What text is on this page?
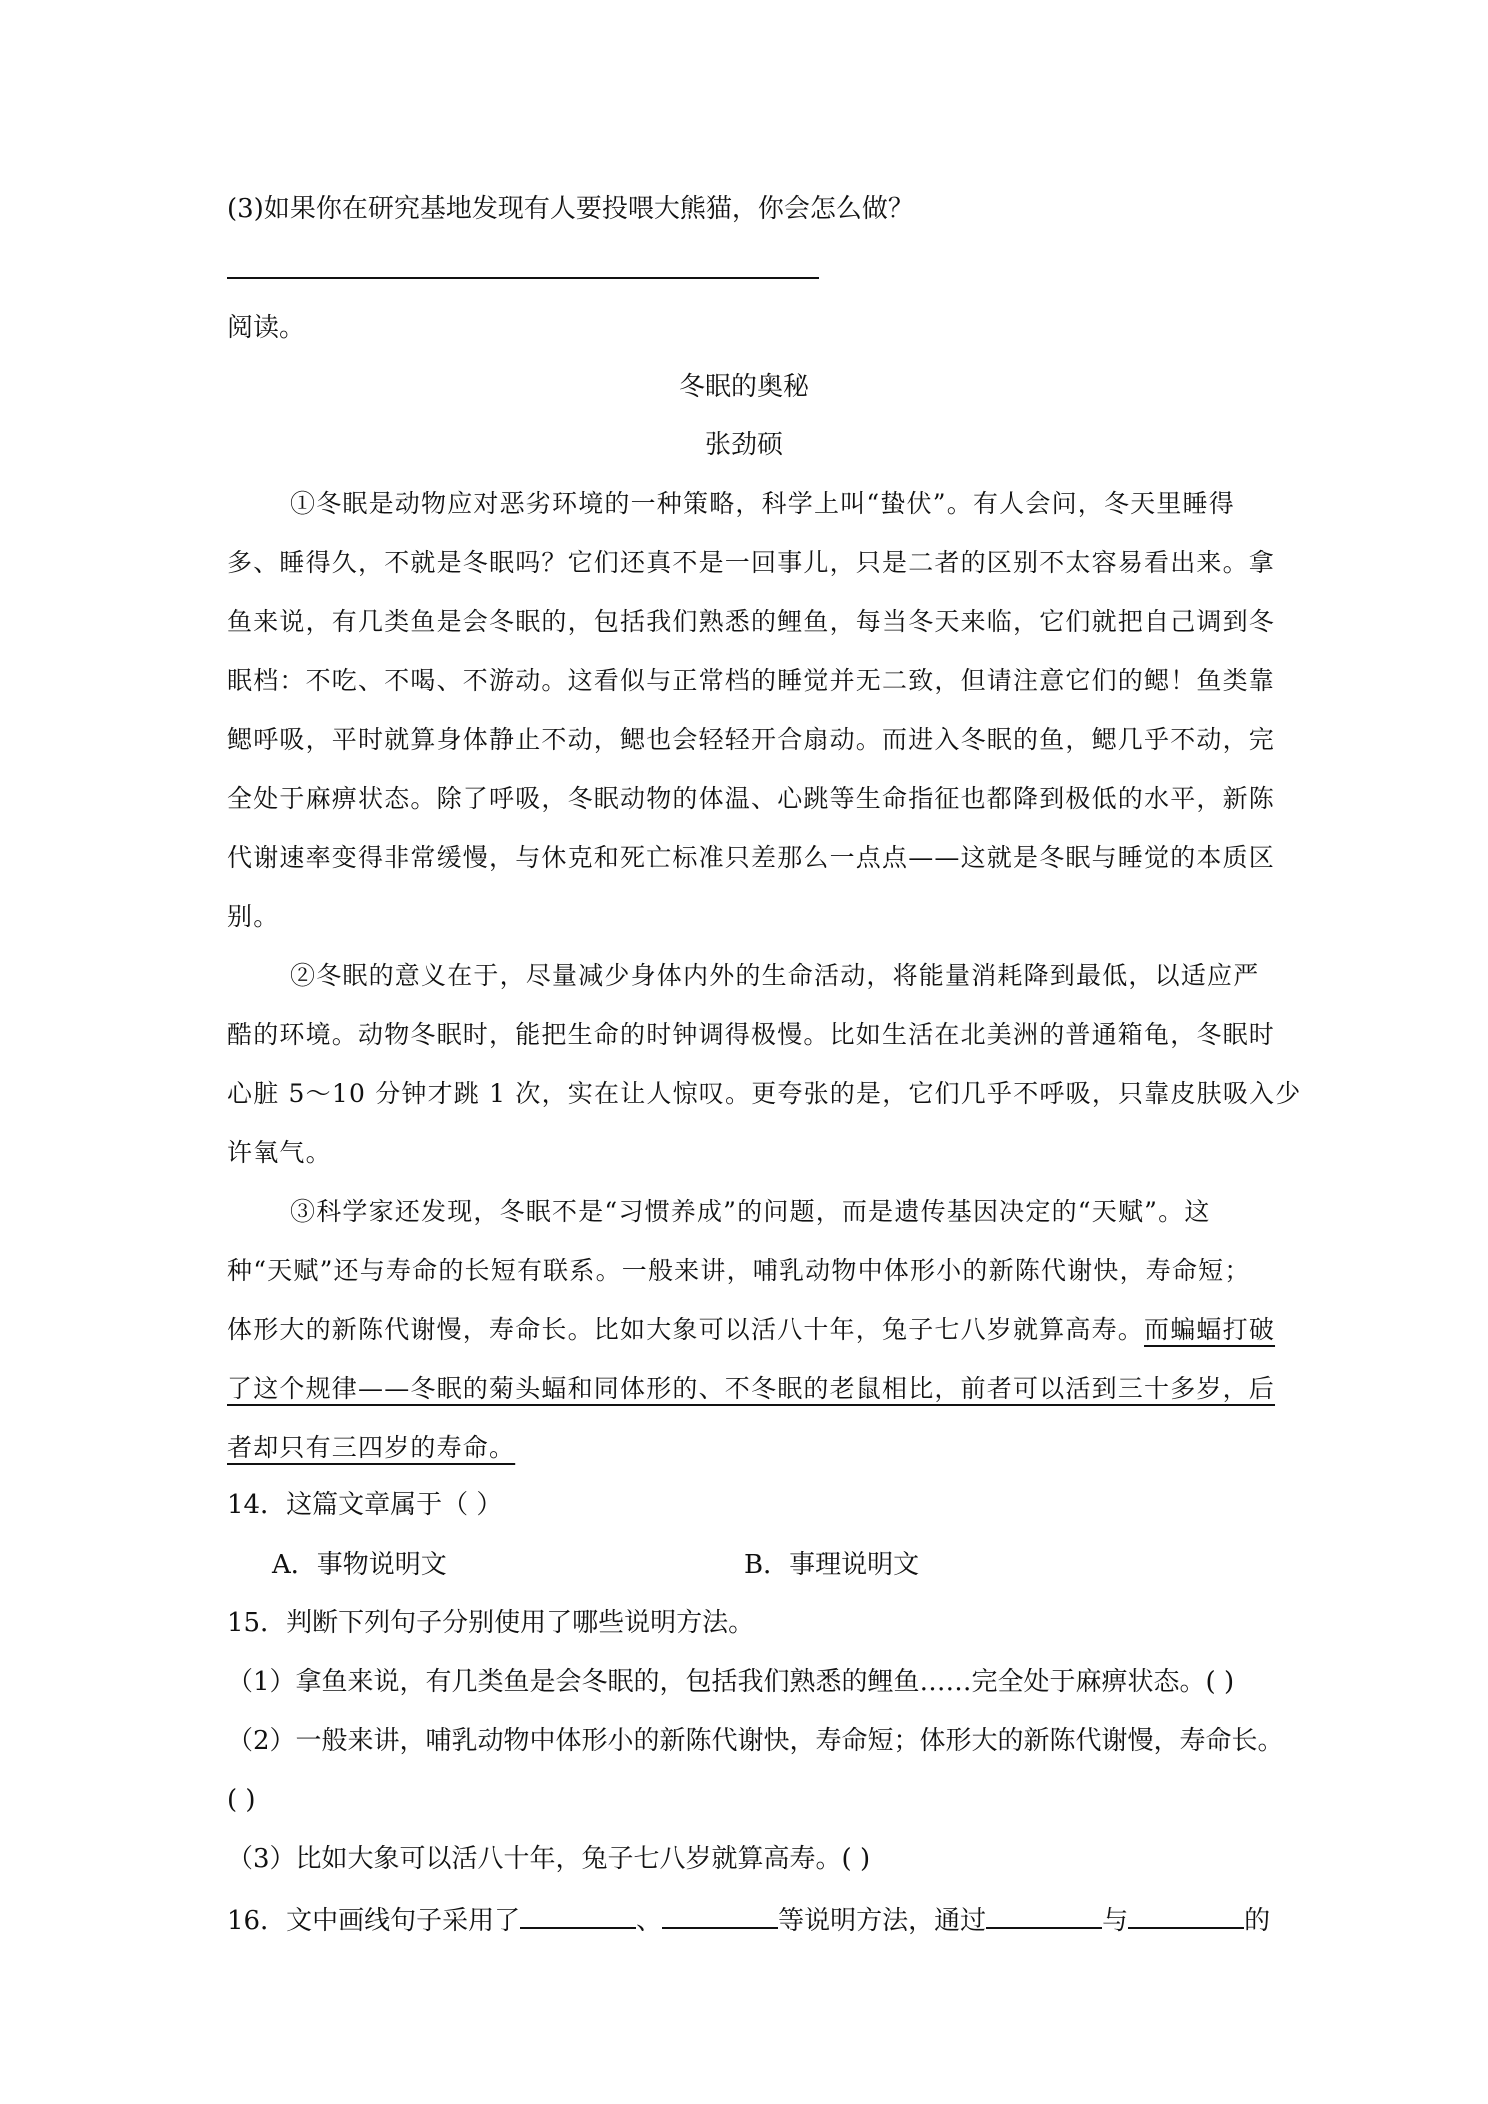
(3)如果你在研究基地发现有人要投喂大熊猫，你会怎么做？
阅读。
冬眠的奥秘
张劲硕
①冬眠是动物应对恶劣环境的一种策略，科学上叫“蛰伏”。有人会问，冬天里睡得
多、睡得久，不就是冬眠吗？它们还真不是一回事儿，只是二者的区别不太容易看出来。拿
鱼来说，有几类鱼是会冬眠的，包括我们熟悉的鲤鱼，每当冬天来临，它们就把自己调到冬
眠档：不吃、不喝、不游动。这看似与正常档的睡觉并无二致，但请注意它们的鳃！鱼类靠
鳃呼吸，平时就算身体静止不动，鳃也会轻轻开合扇动。而进入冬眠的鱼，鳃几乎不动，完
全处于麻痹状态。除了呼吸，冬眠动物的体温、心跳等生命指征也都降到极低的水平，新陈
代谢速率变得非常缓慢，与休克和死亡标准只差那么一点点——这就是冬眠与睡觉的本质区
别。
②冬眠的意义在于，尽量减少身体内外的生命活动，将能量消耗降到最低，以适应严
酷的环境。动物冬眠时，能把生命的时钟调得极慢。比如生活在北美洲的普通箱龟，冬眠时
心脏 5～10 分钟才跳 1 次，实在让人惊叹。更夸张的是，它们几乎不呼吸，只靠皮肤吸入少
许氧气。
③科学家还发现，冬眠不是“习惯养成”的问题，而是遗传基因决定的“天赋”。这
种“天赋”还与寿命的长短有联系。一般来讲，哺乳动物中体形小的新陈代谢快，寿命短；
体形大的新陈代谢慢，寿命长。比如大象可以活八十年，兔子七八岁就算高寿。而蝙蝠打破
了这个规律——冬眠的菊头蝠和同体形的、不冬眠的老鼠相比，前者可以活到三十多岁，后
者却只有三四岁的寿命。
14．这篇文章属于（ ）
A．事物说明文	B．事理说明文
15．判断下列句子分别使用了哪些说明方法。
（1）拿鱼来说，有几类鱼是会冬眠的，包括我们熟悉的鲤鱼……完全处于麻痹状态。( )
（2）一般来讲，哺乳动物中体形小的新陈代谢快，寿命短；体形大的新陈代谢慢，寿命长。
( )
（3）比如大象可以活八十年，兔子七八岁就算高寿。( )
16．文中画线句子采用了	、	等说明方法，通过	与	的
